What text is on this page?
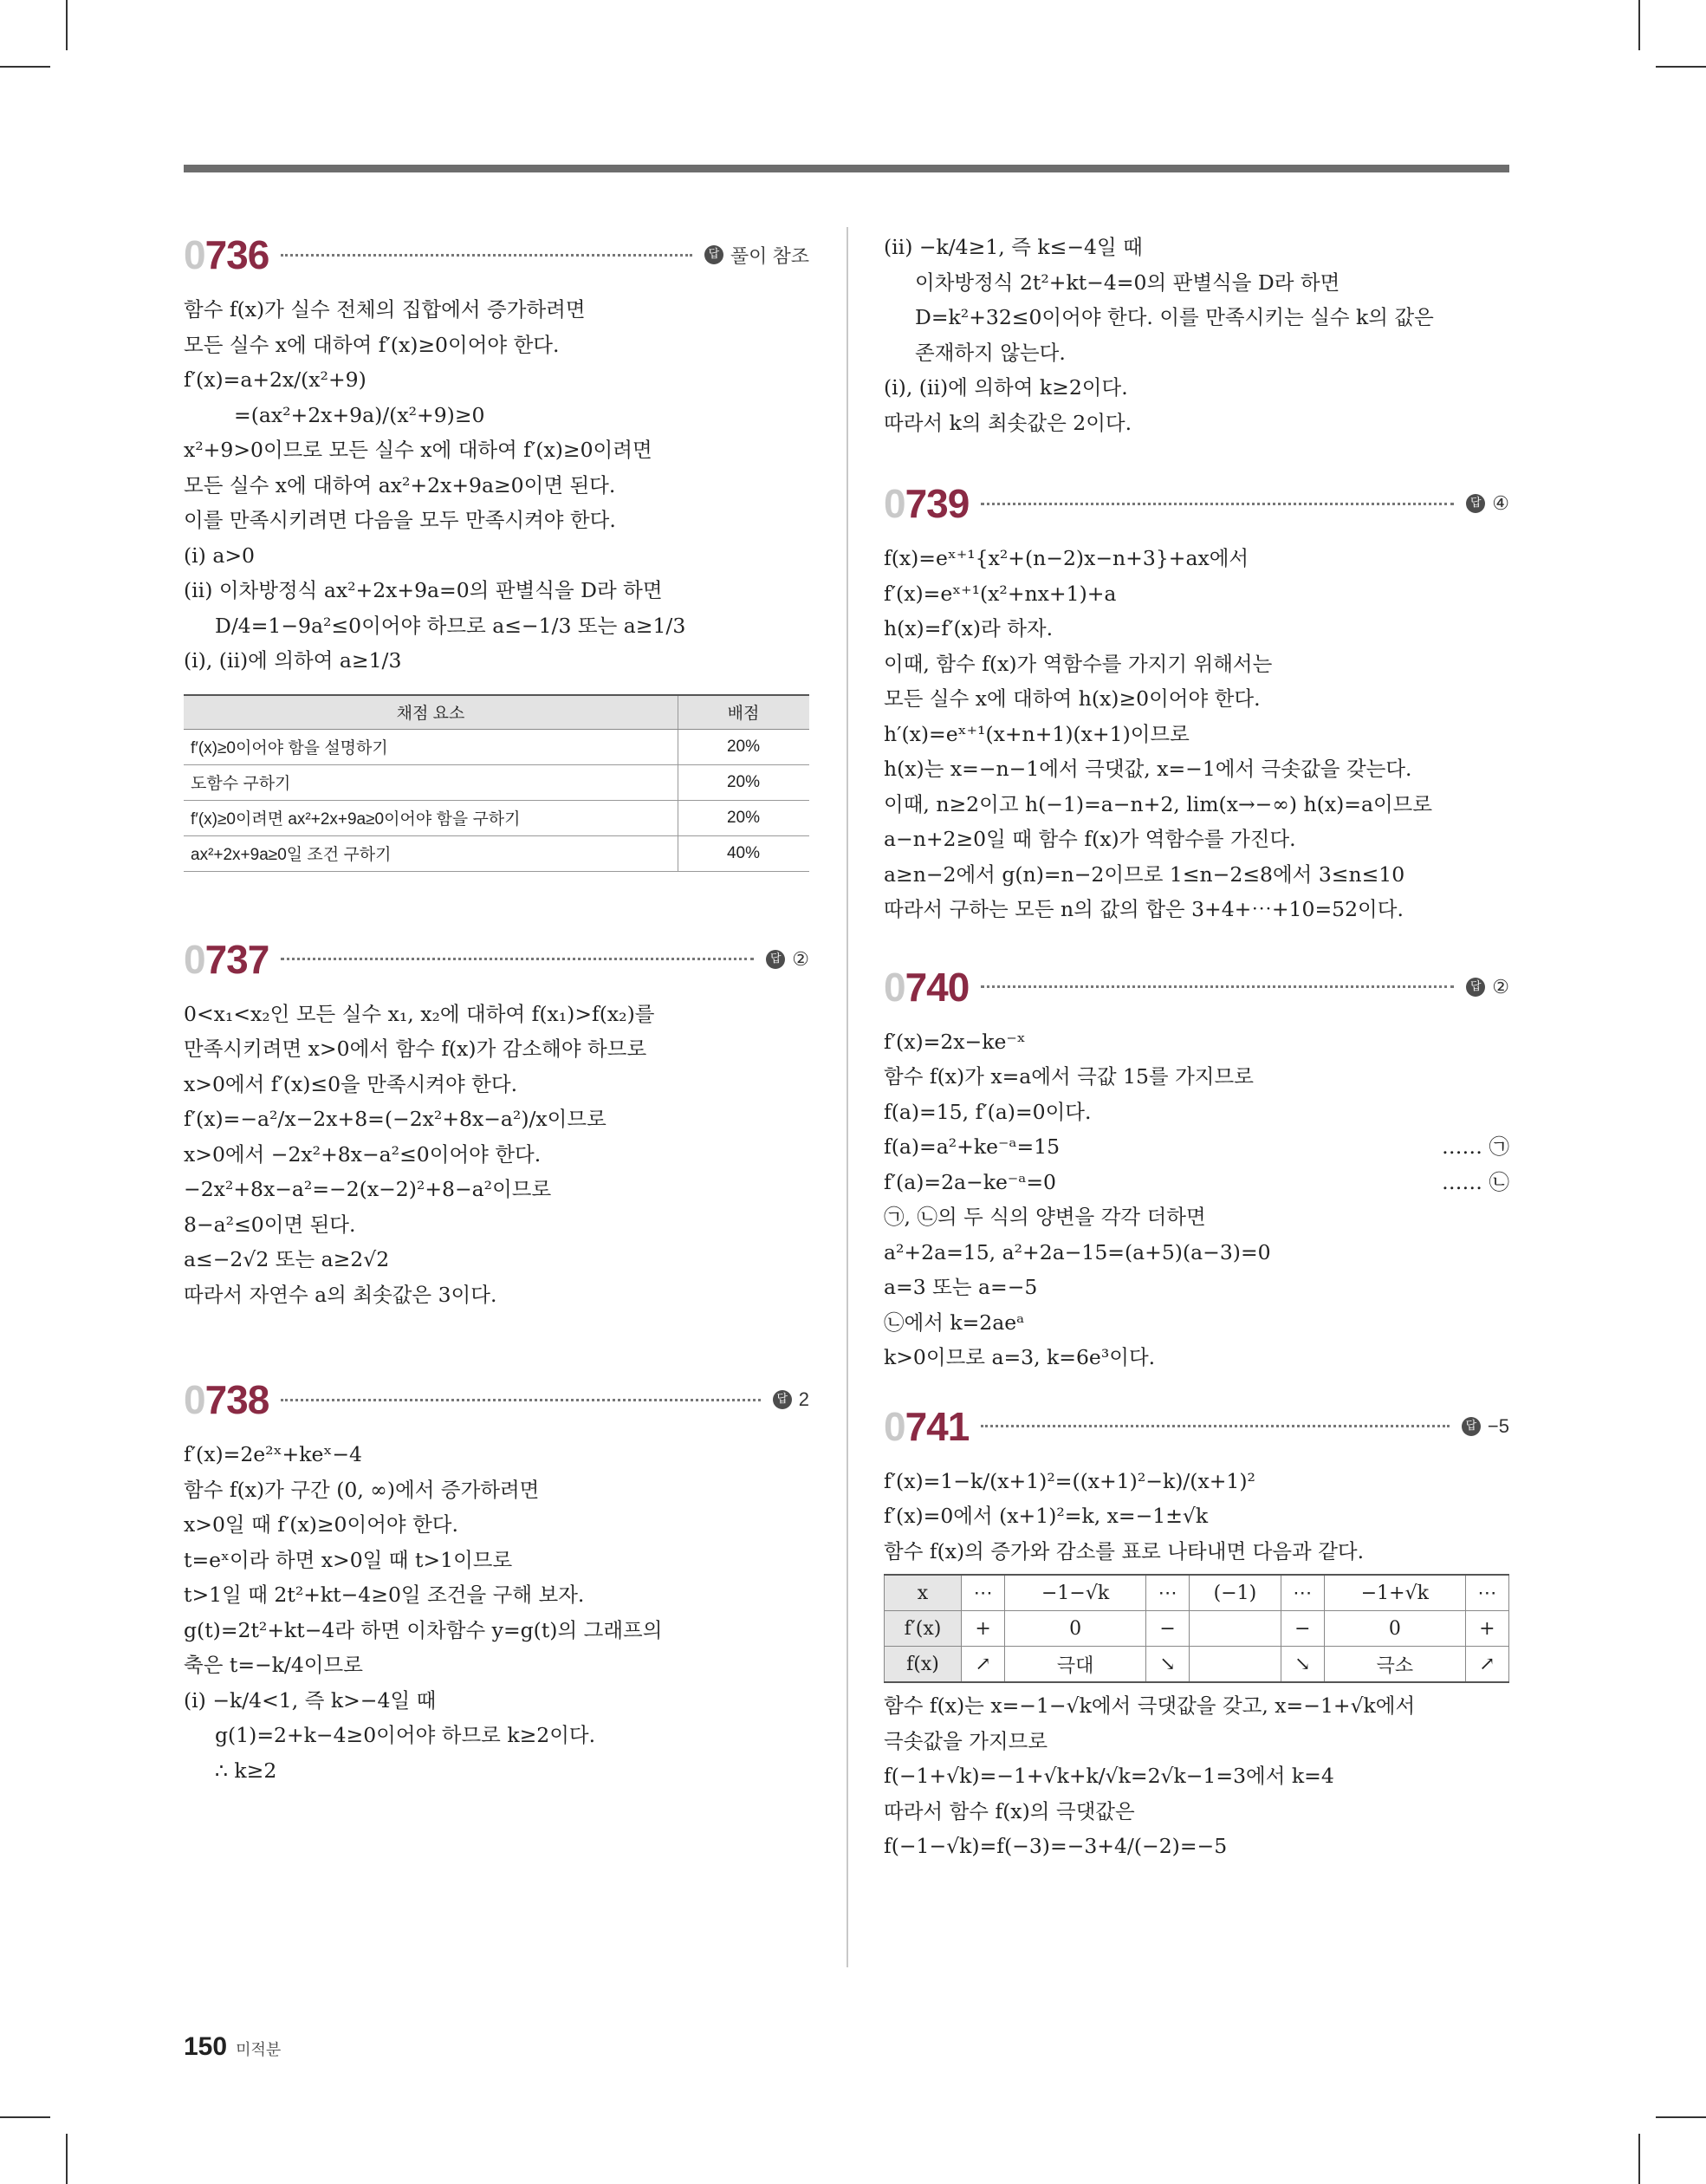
0736	답 풀이 참조
함수 f(x)가 실수 전체의 집합에서 증가하려면
모든 실수 x에 대하여 f′(x)≥0이어야 한다.
f′(x)=a+2x/(x²+9)
=(ax²+2x+9a)/(x²+9)≥0
x²+9>0이므로 모든 실수 x에 대하여 f′(x)≥0이려면
모든 실수 x에 대하여 ax²+2x+9a≥0이면 된다.
이를 만족시키려면 다음을 모두 만족시켜야 한다.
(ⅰ) a>0
(ⅱ) 이차방정식 ax²+2x+9a=0의 판별식을 D라 하면
D/4=1−9a²≤0이어야 하므로 a≤−1/3 또는 a≥1/3
(ⅰ), (ⅱ)에 의하여 a≥1/3
채점 요소	배점
f′(x)≥0이어야 함을 설명하기	20%
도함수 구하기	20%
f′(x)≥0이려면 ax²+2x+9a≥0이어야 함을 구하기	20%
ax²+2x+9a≥0일 조건 구하기	40%
0737	답 ②
0<x₁<x₂인 모든 실수 x₁, x₂에 대하여 f(x₁)>f(x₂)를
만족시키려면 x>0에서 함수 f(x)가 감소해야 하므로
x>0에서 f′(x)≤0을 만족시켜야 한다.
f′(x)=−a²/x−2x+8=(−2x²+8x−a²)/x이므로
x>0에서 −2x²+8x−a²≤0이어야 한다.
−2x²+8x−a²=−2(x−2)²+8−a²이므로
8−a²≤0이면 된다.
a≤−2√2 또는 a≥2√2
따라서 자연수 a의 최솟값은 3이다.
0738	답 2
f′(x)=2e²ˣ+keˣ−4
함수 f(x)가 구간 (0, ∞)에서 증가하려면
x>0일 때 f′(x)≥0이어야 한다.
t=eˣ이라 하면 x>0일 때 t>1이므로
t>1일 때 2t²+kt−4≥0일 조건을 구해 보자.
g(t)=2t²+kt−4라 하면 이차함수 y=g(t)의 그래프의
축은 t=−k/4이므로
(ⅰ) −k/4<1, 즉 k>−4일 때
g(1)=2+k−4≥0이어야 하므로 k≥2이다.
∴ k≥2
(ⅱ) −k/4≥1, 즉 k≤−4일 때
이차방정식 2t²+kt−4=0의 판별식을 D라 하면
D=k²+32≤0이어야 한다. 이를 만족시키는 실수 k의 값은
존재하지 않는다.
(ⅰ), (ⅱ)에 의하여 k≥2이다.
따라서 k의 최솟값은 2이다.
0739	답 ④
f(x)=eˣ⁺¹{x²+(n−2)x−n+3}+ax에서
f′(x)=eˣ⁺¹(x²+nx+1)+a
h(x)=f′(x)라 하자.
이때, 함수 f(x)가 역함수를 가지기 위해서는
모든 실수 x에 대하여 h(x)≥0이어야 한다.
h′(x)=eˣ⁺¹(x+n+1)(x+1)이므로
h(x)는 x=−n−1에서 극댓값, x=−1에서 극솟값을 갖는다.
이때, n≥2이고 h(−1)=a−n+2, lim(x→−∞) h(x)=a이므로
a−n+2≥0일 때 함수 f(x)가 역함수를 가진다.
a≥n−2에서 g(n)=n−2이므로 1≤n−2≤8에서 3≤n≤10
따라서 구하는 모든 n의 값의 합은 3+4+⋯+10=52이다.
0740	답 ②
f′(x)=2x−ke⁻ˣ
함수 f(x)가 x=a에서 극값 15를 가지므로
f(a)=15, f′(a)=0이다.
f(a)=a²+ke⁻ᵃ=15	…… ㉠
f′(a)=2a−ke⁻ᵃ=0	…… ㉡
㉠, ㉡의 두 식의 양변을 각각 더하면
a²+2a=15, a²+2a−15=(a+5)(a−3)=0
a=3 또는 a=−5
㉡에서 k=2aeᵃ
k>0이므로 a=3, k=6e³이다.
0741	답 −5
f′(x)=1−k/(x+1)²=((x+1)²−k)/(x+1)²
f′(x)=0에서 (x+1)²=k, x=−1±√k
함수 f(x)의 증가와 감소를 표로 나타내면 다음과 같다.
x	⋯	−1−√k	⋯	(−1)	⋯	−1+√k	⋯
f′(x)	+	0	−		−	0	+
f(x)	↗	극대	↘		↘	극소	↗
함수 f(x)는 x=−1−√k에서 극댓값을 갖고, x=−1+√k에서
극솟값을 가지므로
f(−1+√k)=−1+√k+k/√k=2√k−1=3에서 k=4
따라서 함수 f(x)의 극댓값은
f(−1−√k)=f(−3)=−3+4/(−2)=−5
150 미적분
